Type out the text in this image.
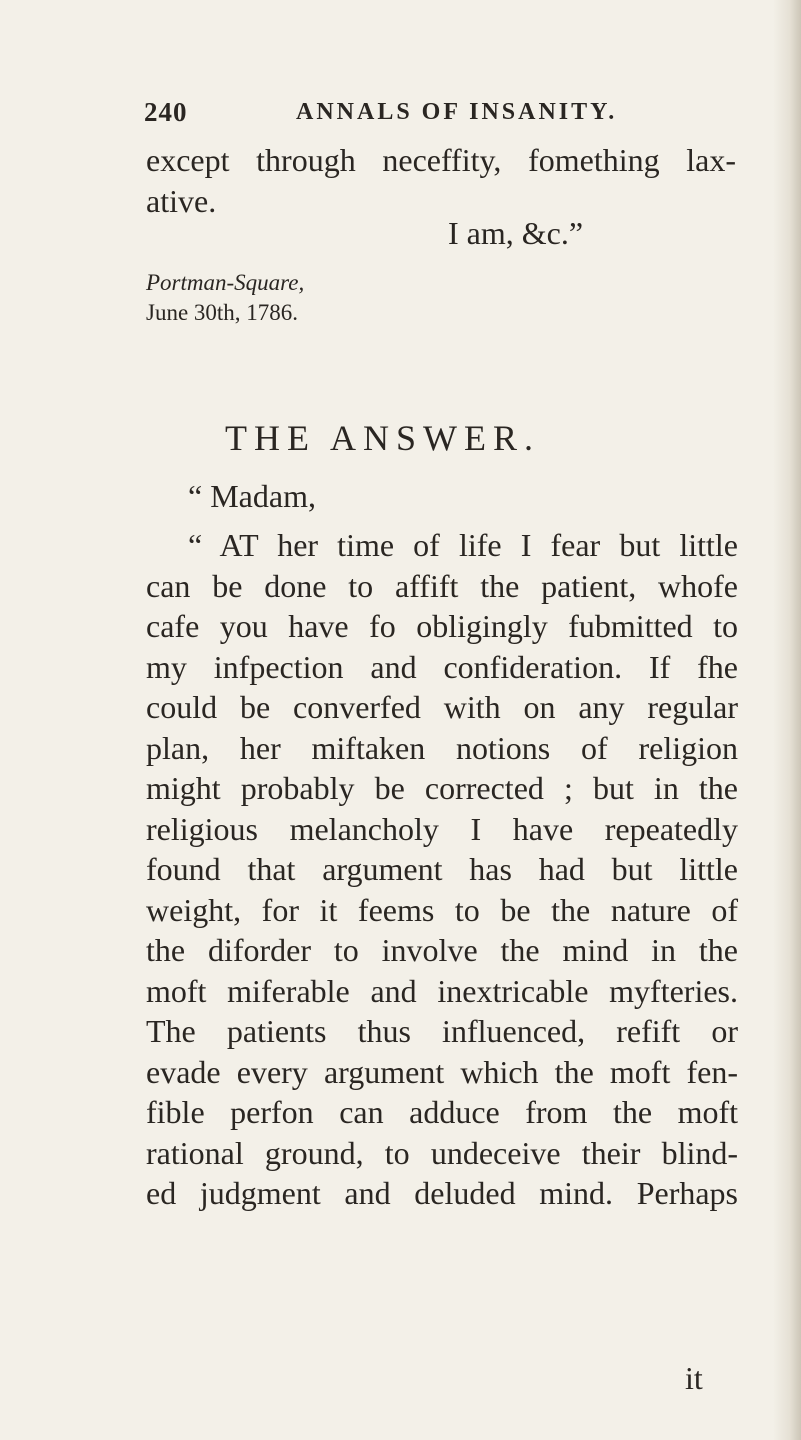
240	ANNALS OF INSANITY.
except through neceffity, fomething lax-
ative.
I am, &c.”
Portman-Square,
June 30th, 1786.
THE ANSWER.
“ Madam,
“ AT her time of life I fear but little
can be done to affift the patient, whofe
cafe you have fo obligingly fubmitted to
my infpection and confideration. If fhe
could be converfed with on any regular
plan, her miftaken notions of religion
might probably be corrected ; but in the
religious melancholy I have repeatedly
found that argument has had but little
weight, for it feems to be the nature of
the diforder to involve the mind in the
moft miferable and inextricable myfteries.
The patients thus influenced, refift or
evade every argument which the moft fen-
fible perfon can adduce from the moft
rational ground, to undeceive their blind-
ed judgment and deluded mind. Perhaps
it
